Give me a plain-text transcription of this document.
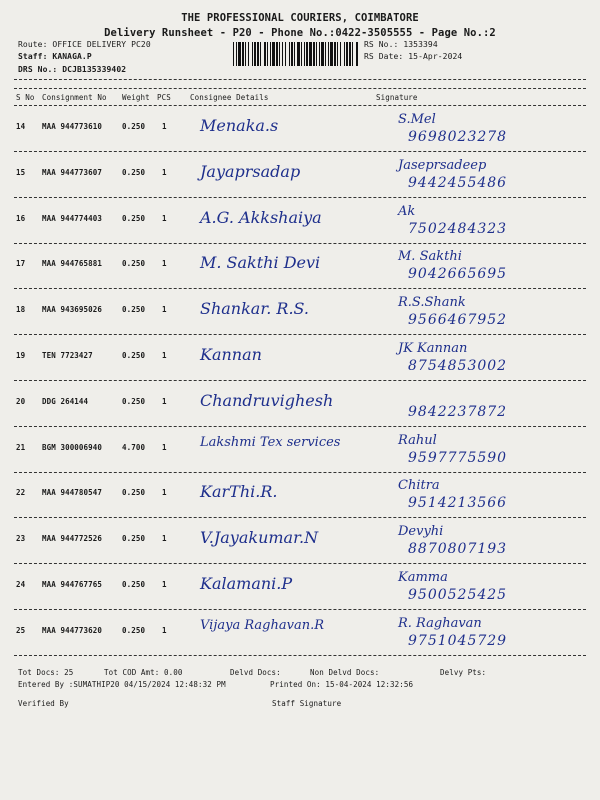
THE PROFESSIONAL COURIERS, COIMBATORE
Delivery Runsheet - P20 - Phone No.:0422-3505555 - Page No.:2
Route: OFFICE DELIVERY PC20
Staff: KANAGA.P
DRS No.: DCJB135339402
RS No.: 1353394
RS Date: 15-Apr-2024
S No Consignment No Weight PCS	Consignee Details	Signature
14 MAA 944773610	0.250 1 Menaka.s	S.Mel
9698023278
15 MAA 944773607	0.250 1 Jayaprsadap	Jaseprsadeep
9442455486
16 MAA 944774403	0.250 1 A.G. Akkshaiya	Ak
7502484323
17 MAA 944765881	0.250 1 M. Sakthi Devi	M. Sakthi
9042665695
18 MAA 943695026	0.250 1 Shankar. R.S.	R.S.Shank
9566467952
19 TEN 7723427	0.250 1 Kannan	JK Kannan
8754853002
20 DDG 264144	0.250 1 Chandruvighesh
9842237872
21 BGM 300006940	4.700 1	Lakshmi Tex services	Rahul
9597775590
22 MAA 944780547	0.250 1 KarThi.R.	Chitra
9514213566
23 MAA 944772526	0.250 1 V.Jayakumar.N	Devyhi
8870807193
24 MAA 944767765	0.250 1 Kalamani.P	Kamma
9500525425
25 MAA 944773620	0.250 1	Vijaya Raghavan.R	R. Raghavan
9751045729
Tot Docs: 25	Tot COD Amt: 0.00	Delvd Docs:	Non Delvd Docs:	Delvy Pts:
Entered By :SUMATHIP20 04/15/2024 12:48:32 PM	Printed On: 15-04-2024 12:32:56
Verified By	Staff Signature
